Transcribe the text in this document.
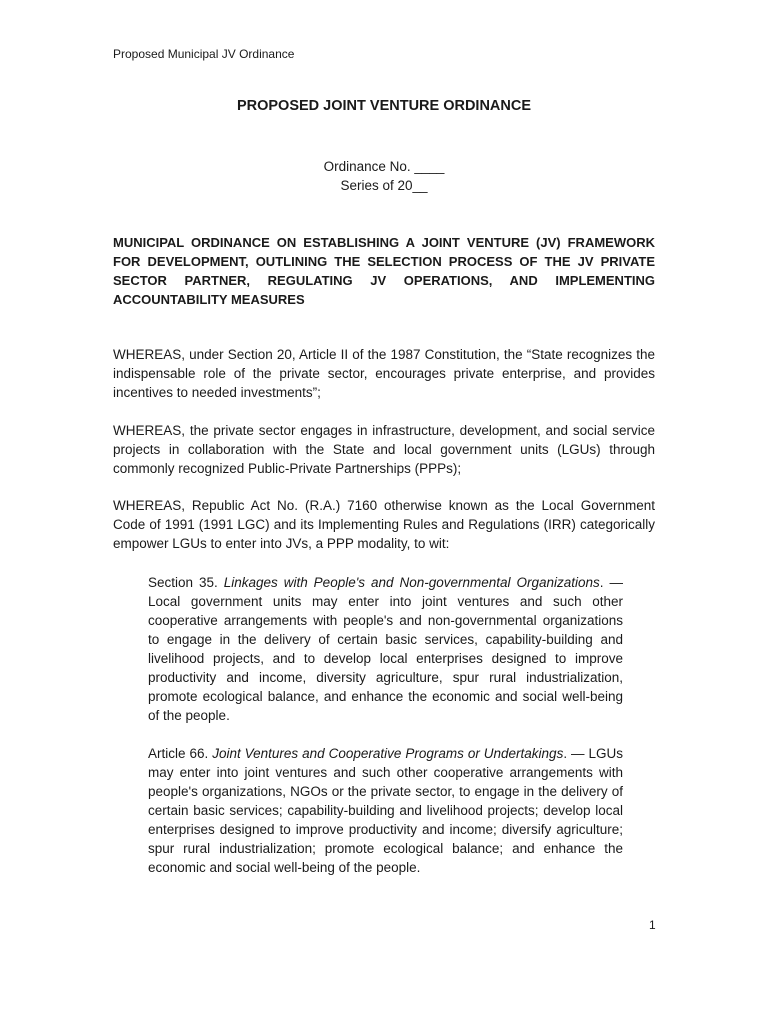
Proposed Municipal JV Ordinance
PROPOSED JOINT VENTURE ORDINANCE
Ordinance No. ____
Series of 20__
MUNICIPAL ORDINANCE ON ESTABLISHING A JOINT VENTURE (JV) FRAMEWORK FOR DEVELOPMENT, OUTLINING THE SELECTION PROCESS OF THE JV PRIVATE SECTOR PARTNER, REGULATING JV OPERATIONS, AND IMPLEMENTING ACCOUNTABILITY MEASURES

WHEREAS, under Section 20, Article II of the 1987 Constitution, the “State recognizes the indispensable role of the private sector, encourages private enterprise, and provides incentives to needed investments”;

WHEREAS, the private sector engages in infrastructure, development, and social service projects in collaboration with the State and local government units (LGUs) through commonly recognized Public-Private Partnerships (PPPs);

WHEREAS, Republic Act No. (R.A.) 7160 otherwise known as the Local Government Code of 1991 (1991 LGC) and its Implementing Rules and Regulations (IRR) categorically empower LGUs to enter into JVs, a PPP modality, to wit:

Section 35. Linkages with People's and Non-governmental Organizations. — Local government units may enter into joint ventures and such other cooperative arrangements with people's and non-governmental organizations to engage in the delivery of certain basic services, capability-building and livelihood projects, and to develop local enterprises designed to improve productivity and income, diversity agriculture, spur rural industrialization, promote ecological balance, and enhance the economic and social well-being of the people.
Article 66. Joint Ventures and Cooperative Programs or Undertakings. — LGUs may enter into joint ventures and such other cooperative arrangements with people's organizations, NGOs or the private sector, to engage in the delivery of certain basic services; capability-building and livelihood projects; develop local enterprises designed to improve productivity and income; diversify agriculture; spur rural industrialization; promote ecological balance; and enhance the economic and social well-being of the people.
1
